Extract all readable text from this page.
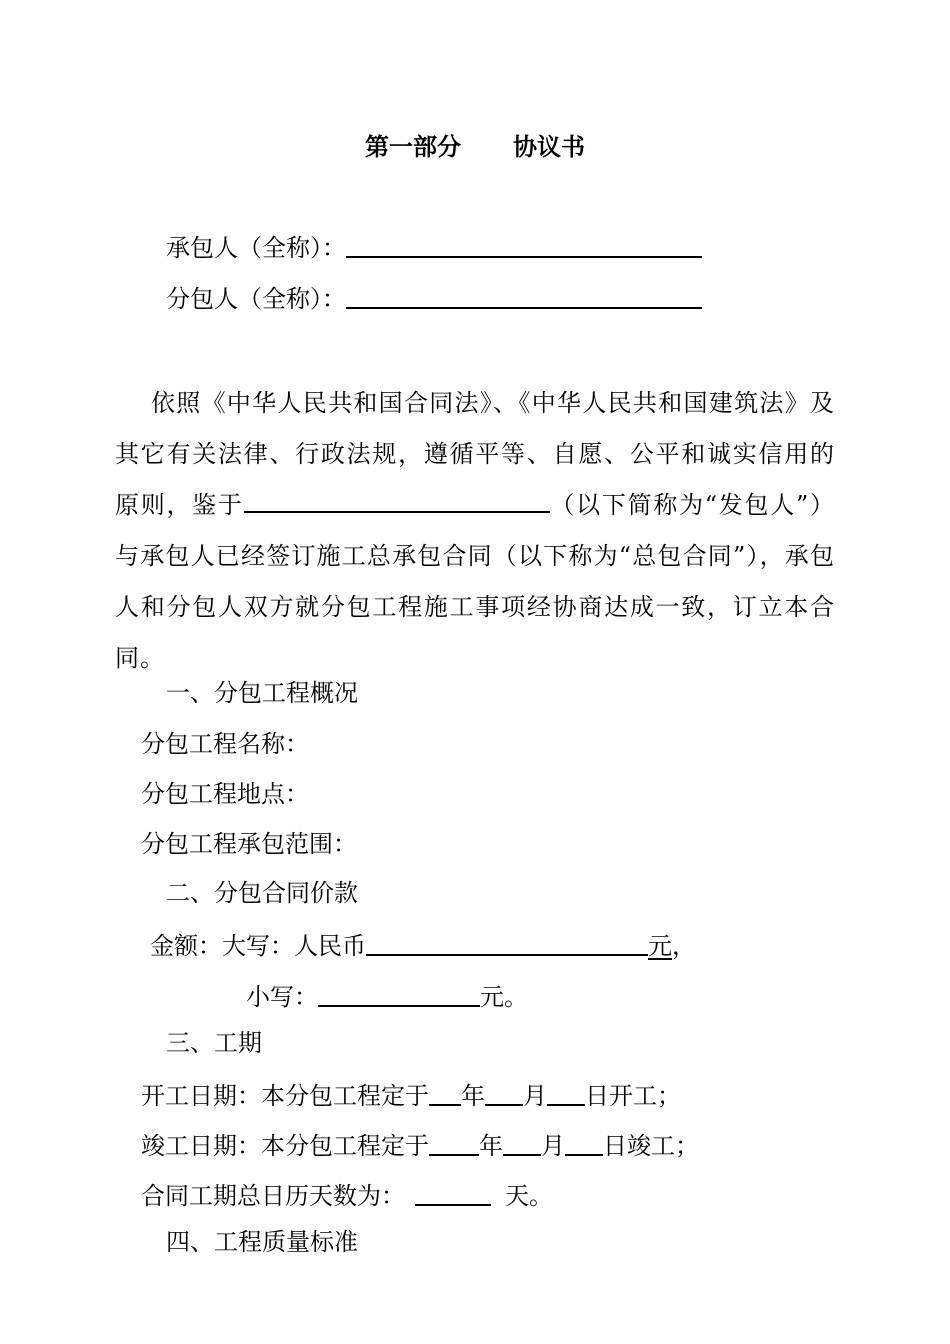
第一部分 协议书
承包人（全称）：
分包人（全称）：
依照《中华人民共和国合同法》、《中华人民共和国建筑法》及其它有关法律、行政法规，遵循平等、自愿、公平和诚实信用的原则，鉴于	（以下简称为“发包人”）与承包人已经签订施工总承包合同（以下称为“总包合同”），承包人和分包人双方就分包工程施工事项经协商达成一致，订立本合同。
一、分包工程概况
分包工程名称：
分包工程地点：
分包工程承包范围：
二、分包合同价款
金额：大写：人民币	元，
小写：	元。
三、工期
开工日期：本分包工程定于 年 月 日开工；
竣工日期：本分包工程定于 年 月 日竣工；
合同工期总日历天数为：	天。
四、工程质量标准
